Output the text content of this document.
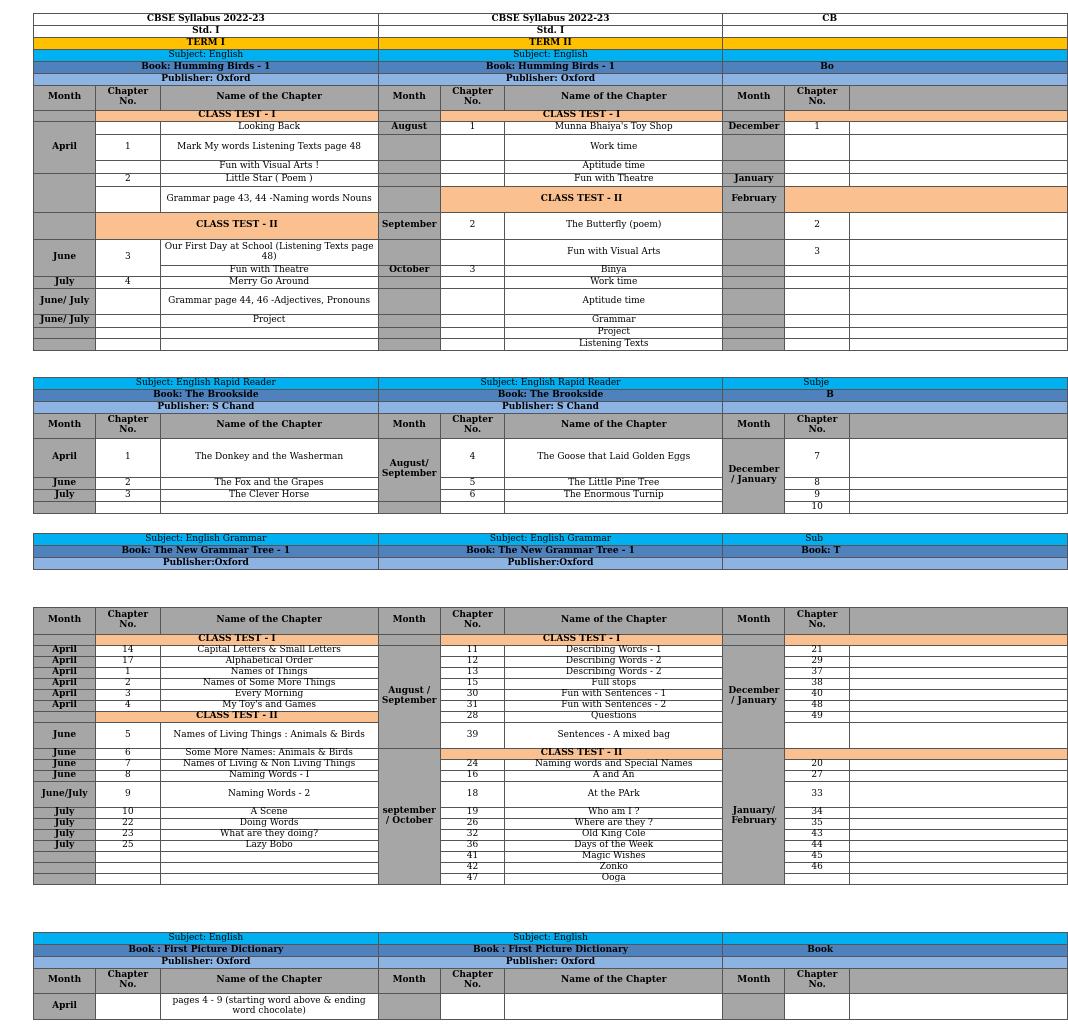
CBSE Syllabus 2022-23			CBSE Syllabus 2022-23			CB		
Std. I			Std. I					
TERM I			TERM II					
Subject: English			Subject: English					
Book: Humming Birds - 1			Book: Humming Birds - 1			Bo		
Publisher: Oxford			Publisher: Oxford					
Month	Chapter No.	Name of the Chapter	Month	Chapter No.	Name of the Chapter	Month	Chapter No.	
	CLASS TEST - I			CLASS TEST - I				
April		Looking Back	August	1	Munna Bhaiya's Toy Shop	December	1	
	1	Mark My words Listening Texts page 48			Work time			
		Fun with Visual Arts !			Aptitude time			
	2	Little Star ( Poem )			Fun with Theatre	January		
		Grammar page 43, 44 -Naming words Nouns		CLASS TEST - II		February		
	CLASS TEST - II		September	2	The Butterfly (poem)		2	
June	3	Our First Day at School (Listening Texts page 48)			Fun with Visual Arts		3	
		Fun with Theatre	October	3	Binya			
July	4	Merry Go Around			Work time			
June/ July		Grammar page 44, 46 -Adjectives, Pronouns			Aptitude time			
June/ July		Project			Grammar			
					Project			
					Listening Texts			
Subject: English Rapid Reader			Subject: English Rapid Reader			Subje		
Book: The Brookside			Book: The Brookside			B		
Publisher: S Chand			Publisher: S Chand					
Month	Chapter No.	Name of the Chapter	Month	Chapter No.	Name of the Chapter	Month	Chapter No.	
April	1	The Donkey and the Washerman	August/ September	4	The Goose that Laid Golden Eggs	December / January	7	
June	2	The Fox and the Grapes		5	The Little Pine Tree		8	
July	3	The Clever Horse		6	The Enormous Turnip		9	
							10	
Subject: English Grammar	Subject: English Grammar	Sub
Book: The New Grammar Tree - 1	Book: The New Grammar Tree - 1	Book: T
Publisher:Oxford	Publisher:Oxford	
Month	Chapter No.	Name of the Chapter	Month	Chapter No.	Name of the Chapter	Month	Chapter No.	
	CLASS TEST - I			CLASS TEST - I				
April	14	Capital Letters & Small Letters	August / September	11	Describing Words - 1	December / January	21	
April	17	Alphabetical Order		12	Describing Words - 2		29	
April	1	Names of Things		13	Describing Words - 2		37	
April	2	Names of Some More Things		15	Full stops		38	
April	3	Every Morning		30	Fun with Sentences - 1		40	
April	4	My Toy's and Games		31	Fun with Sentences - 2		48	
	CLASS TEST - II			28	Questions		49	
June	5	Names of Living Things : Animals & Birds		39	Sentences - A mixed bag			
June	6	Some More Names: Animals & Birds	september / October	CLASS TEST - II		January/ February		
June	7	Names of Living & Non Living Things		24	Naming words and Special Names		20	
June	8	Naming Words - I		16	A and An		27	
June/July	9	Naming Words - 2		18	At the PArk		33	
July	10	A Scene		19	Who am I ?		34	
July	22	Doing Words		26	Where are they ?		35	
July	23	What are they doing?		32	Old King Cole		43	
July	25	Lazy Bobo		36	Days of the Week		44	
				41	Magic Wishes		45	
				42	Zonko		46	
				47	Ooga			
Subject: English			Subject: English					
Book : First Picture Dictionary			Book : First Picture Dictionary			Book		
Publisher: Oxford			Publisher: Oxford					
Month	Chapter No.	Name of the Chapter	Month	Chapter No.	Name of the Chapter	Month	Chapter No.	
April		pages 4 - 9 (starting word above & ending word chocolate)						
